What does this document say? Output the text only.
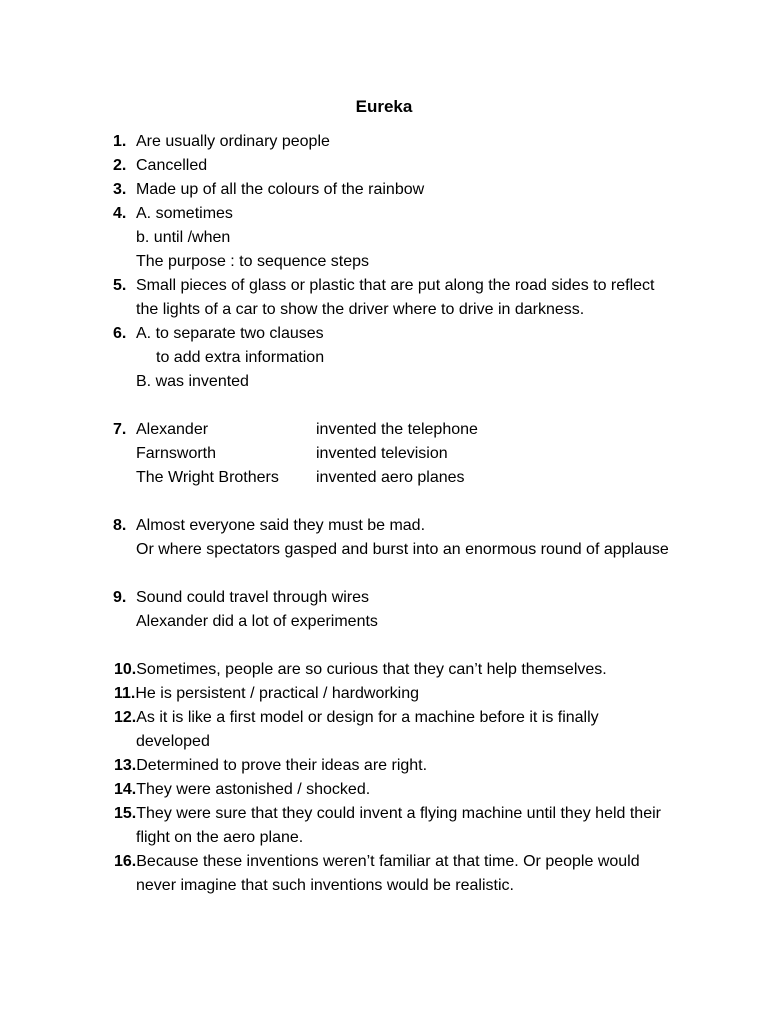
Eureka
1. Are usually ordinary people
2. Cancelled
3. Made up of all the colours of the rainbow
4. A. sometimes
b. until /when
The purpose : to sequence steps
5. Small pieces of glass or plastic that are put along the road sides to reflect
the lights of a car to show the driver where to drive in darkness.
6. A. to separate two clauses
to add extra information
B. was invented
7. Alexander	invented the telephone
Farnsworth	invented television
The Wright Brothers invented aero planes
8. Almost everyone said they must be mad.
Or where spectators gasped and burst into an enormous round of applause
9. Sound could travel through wires
Alexander did a lot of experiments
10.Sometimes, people are so curious that they can’t help themselves.
11.He is persistent / practical / hardworking
12.As it is like a first model or design for a machine before it is finally
developed
13.Determined to prove their ideas are right.
14.They were astonished / shocked.
15.They were sure that they could invent a flying machine until they held their
flight on the aero plane.
16.Because these inventions weren’t familiar at that time. Or people would
never imagine that such inventions would be realistic.
